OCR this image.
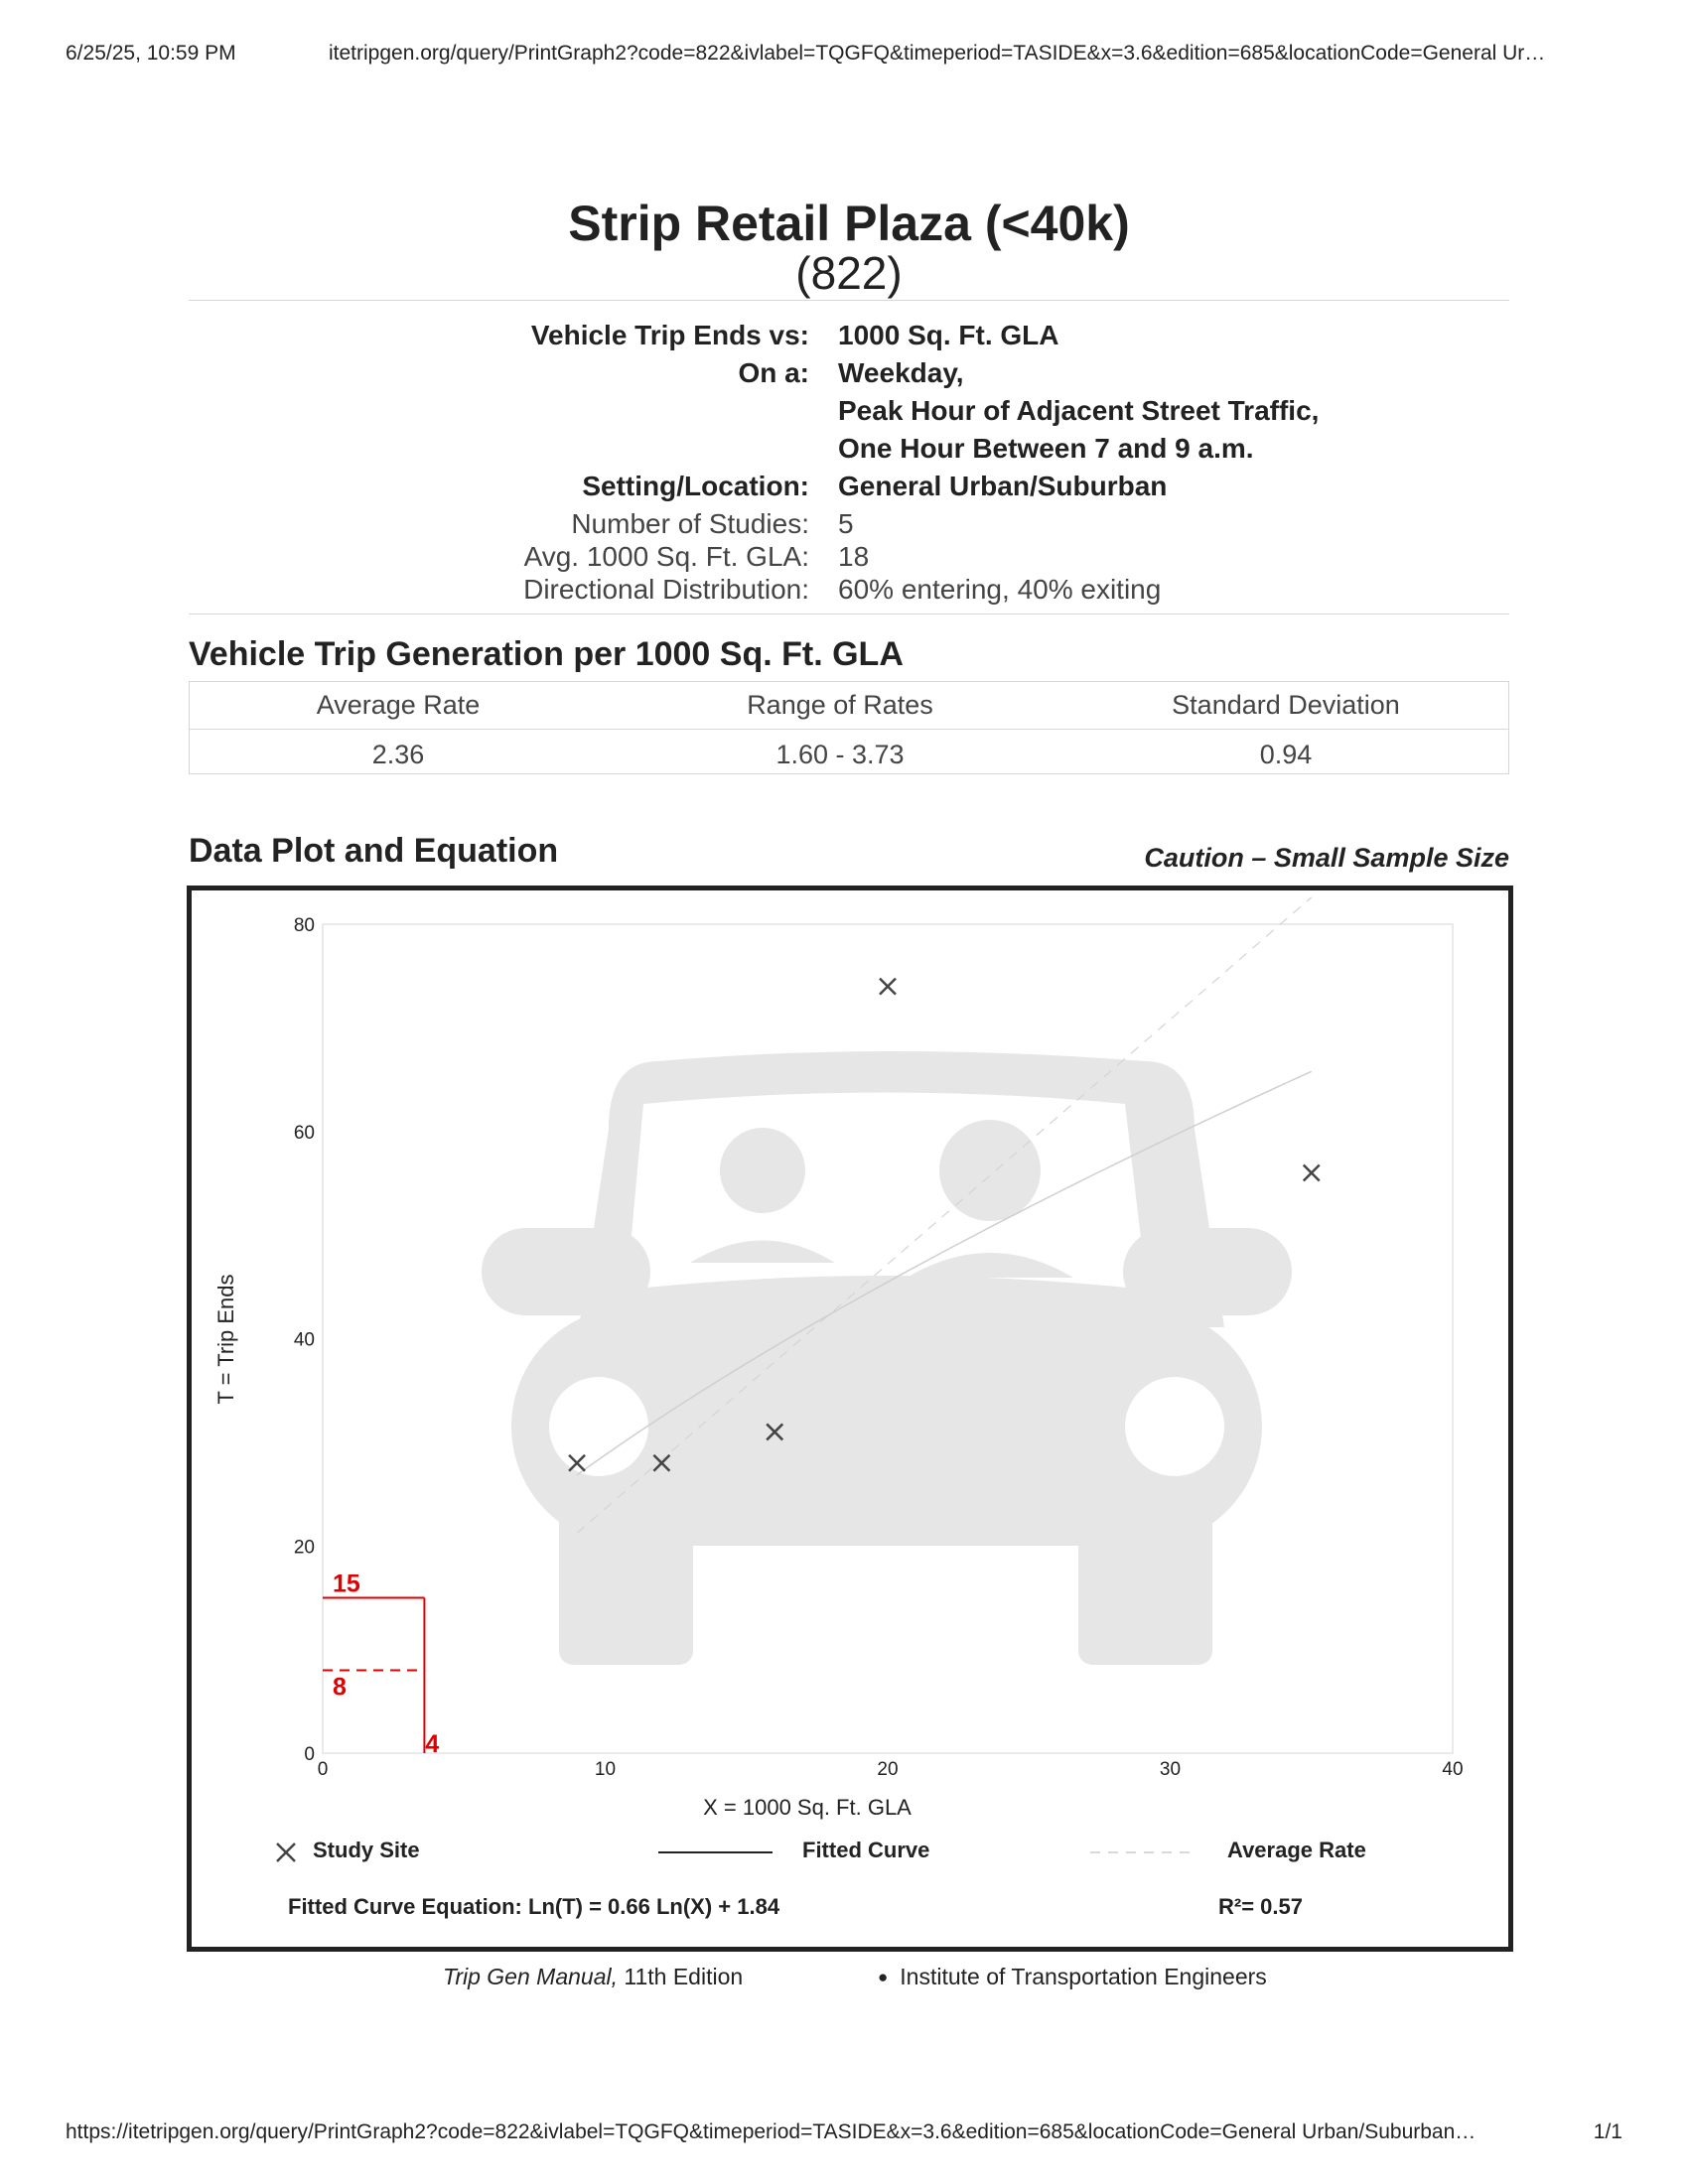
6/25/25, 10:59 PM	itetripgen.org/query/PrintGraph2?code=822&ivlabel=TQGFQ&timeperiod=TASIDE&x=3.6&edition=685&locationCode=General Ur…
Strip Retail Plaza (<40k)
(822)
Vehicle Trip Ends vs: 1000 Sq. Ft. GLA
On a: Weekday,
Peak Hour of Adjacent Street Traffic,
One Hour Between 7 and 9 a.m.
Setting/Location: General Urban/Suburban
Number of Studies: 5
Avg. 1000 Sq. Ft. GLA: 18
Directional Distribution: 60% entering, 40% exiting
Vehicle Trip Generation per 1000 Sq. Ft. GLA
Average Rate	Range of Rates	Standard Deviation
2.36	1.60 - 3.73	0.94
Data Plot and Equation	Caution – Small Sample Size
0	10	20	30	40
0
20
40
60
80
15
8
4
X = 1000 Sq. Ft. GLA
T = Trip Ends
Study Site	Fitted Curve	Average Rate
Fitted Curve Equation: Ln(T) = 0.66 Ln(X) + 1.84	R²= 0.57
Trip Gen Manual, 11th Edition	● Institute of Transportation Engineers
https://itetripgen.org/query/PrintGraph2?code=822&ivlabel=TQGFQ&timeperiod=TASIDE&x=3.6&edition=685&locationCode=General Urban/Suburban…	1/1
